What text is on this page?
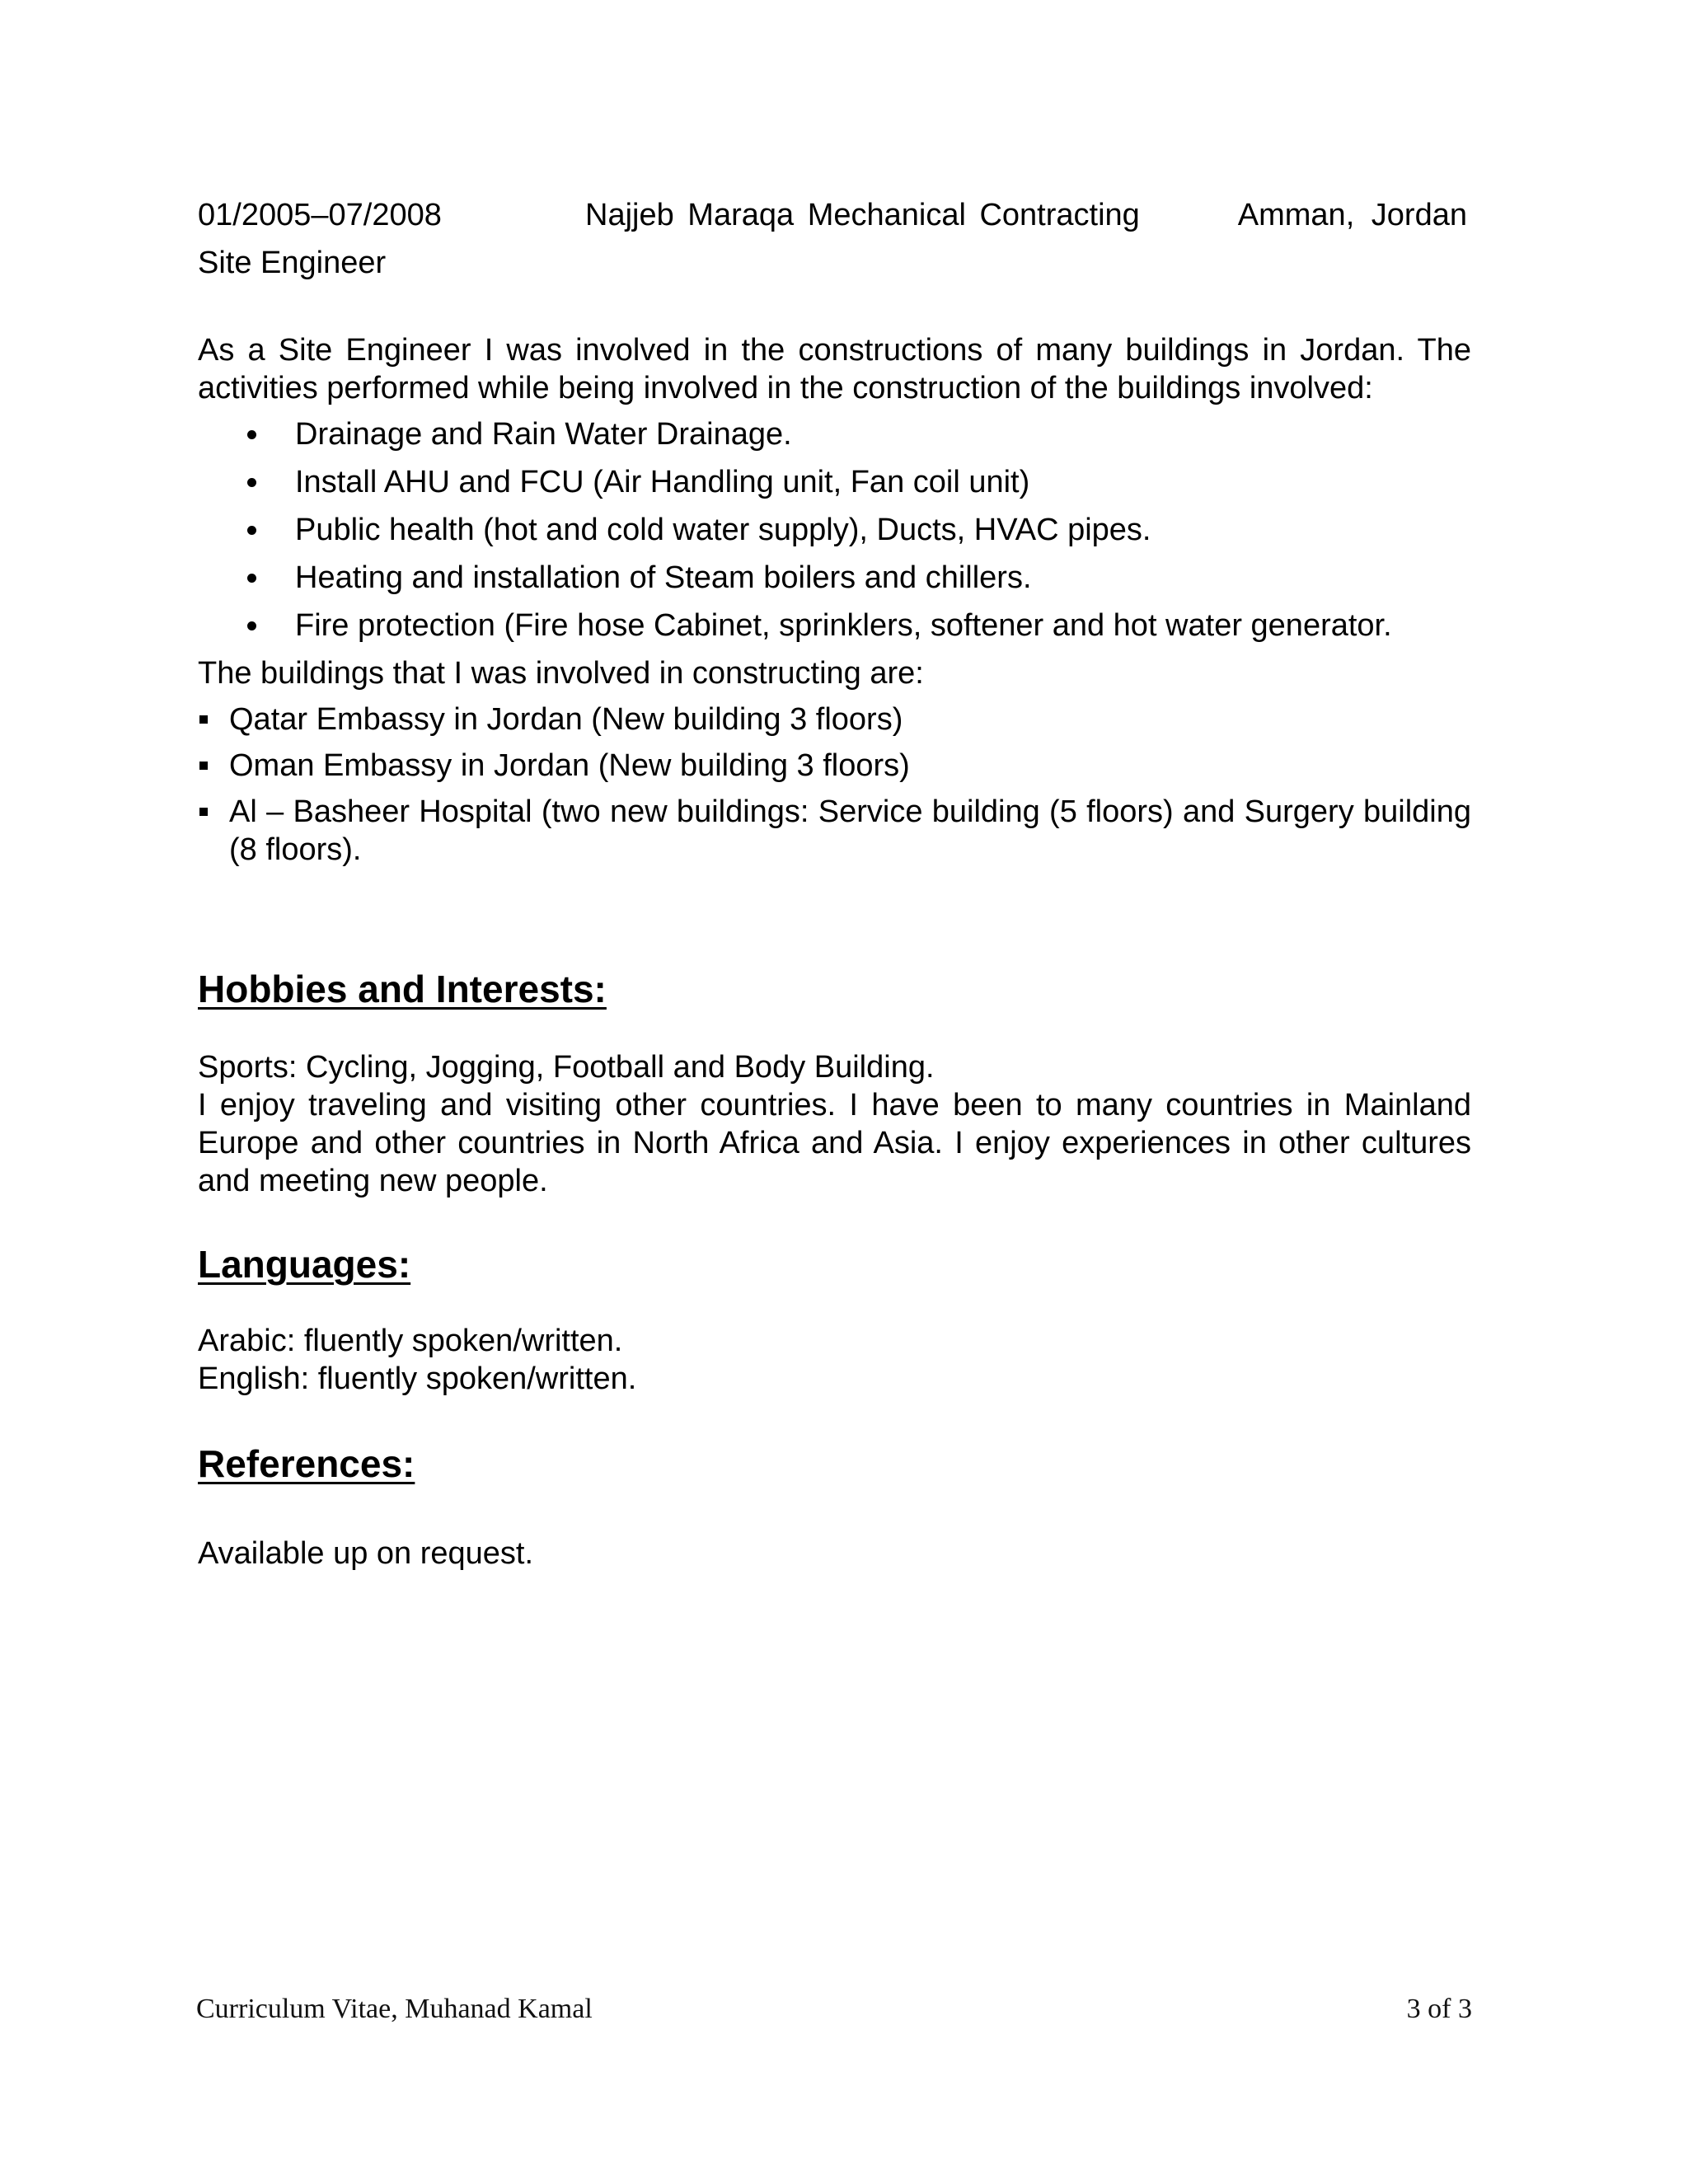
01/2005–07/2008	Najjeb Maraqa Mechanical Contracting	Amman, Jordan
Site Engineer
As a Site Engineer I was involved in the constructions of many buildings in Jordan. The activities performed while being involved in the construction of the buildings involved:
Drainage and Rain Water Drainage.
Install AHU and FCU (Air Handling unit, Fan coil unit)
Public health (hot and cold water supply), Ducts, HVAC pipes.
Heating and installation of Steam boilers and chillers.
Fire protection (Fire hose Cabinet, sprinklers, softener and hot water generator.
The buildings that I was involved in constructing are:
Qatar Embassy in Jordan (New building 3 floors)
Oman Embassy in Jordan (New building 3 floors)
Al – Basheer Hospital (two new buildings: Service building (5 floors) and Surgery building (8 floors).
Hobbies and Interests:

Sports: Cycling, Jogging, Football and Body Building.

I enjoy traveling and visiting other countries. I have been to many countries in Mainland Europe and other countries in North Africa and Asia. I enjoy experiences in other cultures and meeting new people.

Languages:

Arabic: fluently spoken/written.

English: fluently spoken/written.

References:
Available up on request.
Curriculum Vitae, Muhanad Kamal	3 of 3
